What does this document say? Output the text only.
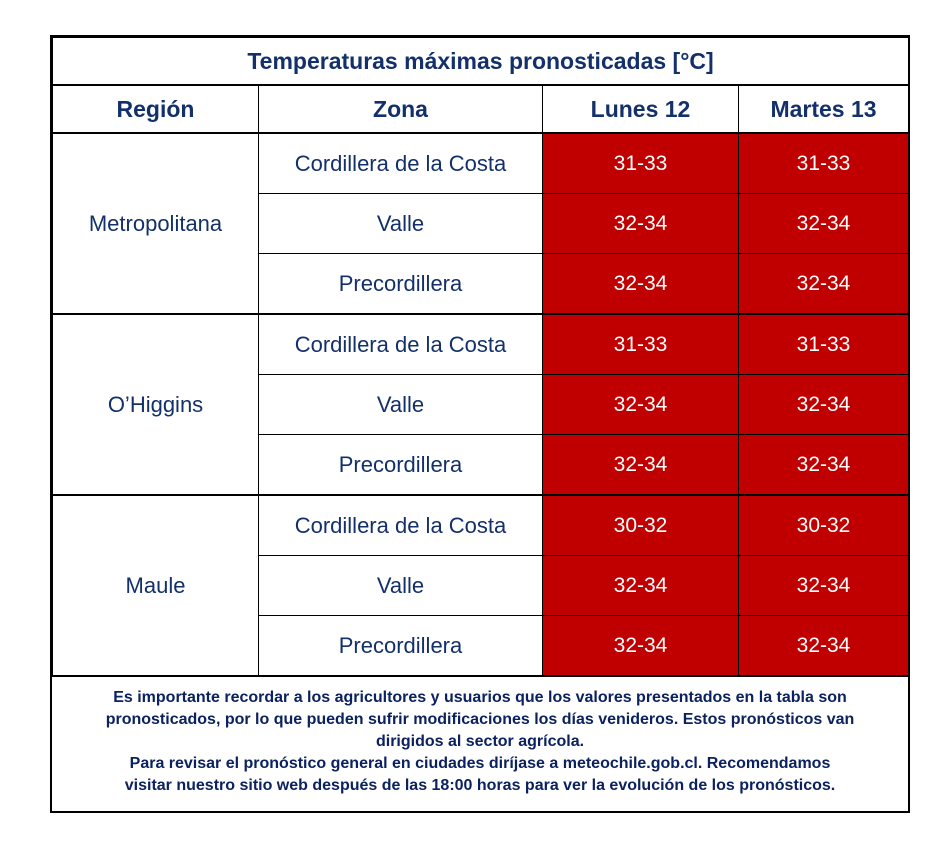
Temperaturas máximas pronosticadas [°C]			
Región	Zona	Lunes 12	Martes 13
Metropolitana	Cordillera de la Costa	31-33	31-33
	Valle	32-34	32-34
	Precordillera	32-34	32-34
O’Higgins	Cordillera de la Costa	31-33	31-33
	Valle	32-34	32-34
	Precordillera	32-34	32-34
Maule	Cordillera de la Costa	30-32	30-32
	Valle	32-34	32-34
	Precordillera	32-34	32-34
Es importante recordar a los agricultores y usuarios que los valores presentados en la tabla son
pronosticados, por lo que pueden sufrir modificaciones los días venideros. Estos pronósticos van
dirigidos al sector agrícola.
Para revisar el pronóstico general en ciudades diríjase a meteochile.gob.cl. Recomendamos
visitar nuestro sitio web después de las 18:00 horas para ver la evolución de los pronósticos.
